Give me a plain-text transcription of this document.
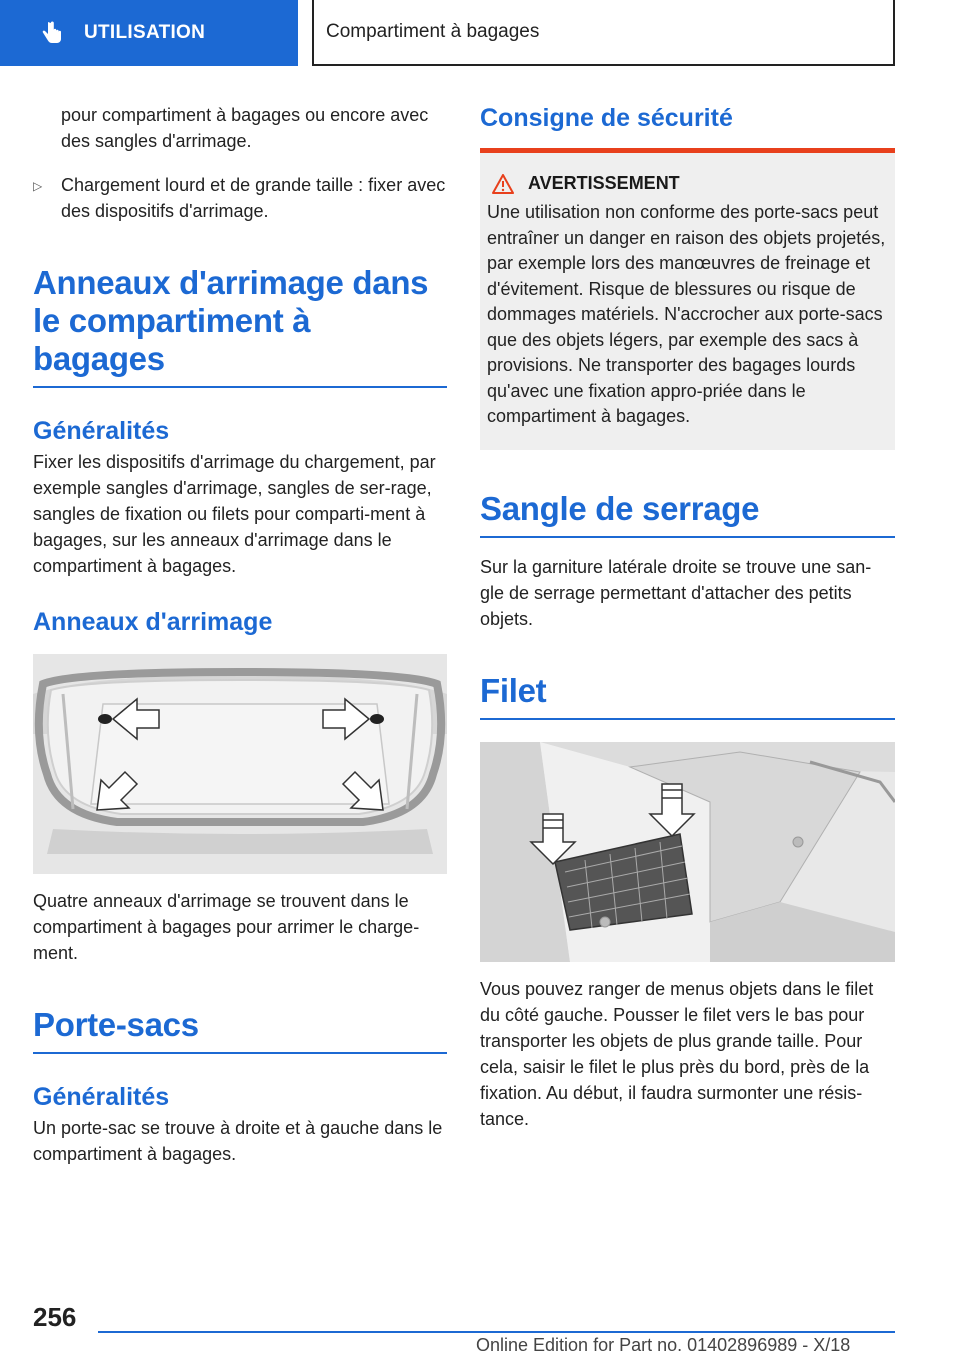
UTILISATION	Compartiment à bagages

pour compartiment à bagages ou encore avec des sangles d'arrimage.

▷	Chargement lourd et de grande taille : fixer avec des dispositifs d'arrimage.
Anneaux d'arrimage dans le compartiment à bagages
Généralités

Fixer les dispositifs d'arrimage du chargement, par exemple sangles d'arrimage, sangles de ser-rage, sangles de fixation ou filets pour comparti-ment à bagages, sur les anneaux d'arrimage dans le compartiment à bagages.

Anneaux d'arrimage

Quatre anneaux d'arrimage se trouvent dans le compartiment à bagages pour arrimer le charge-ment.

Porte-sacs
Généralités

Un porte-sac se trouve à droite et à gauche dans le compartiment à bagages.

Consigne de sécurité
AVERTISSEMENT

Une utilisation non conforme des porte-sacs peut entraîner un danger en raison des objets projetés, par exemple lors des manœuvres de freinage et d'évitement. Risque de blessures ou risque de dommages matériels. N'accrocher aux porte-sacs que des objets légers, par exemple des sacs à provisions. Ne transporter des bagages lourds qu'avec une fixation appro-priée dans le compartiment à bagages.

Sangle de serrage

Sur la garniture latérale droite se trouve une san-gle de serrage permettant d'attacher des petits objets.

Filet

Vous pouvez ranger de menus objets dans le filet du côté gauche. Pousser le filet vers le bas pour transporter les objets de plus grande taille. Pour cela, saisir le filet le plus près du bord, près de la fixation. Au début, il faudra surmonter une résis-tance.

256
Online Edition for Part no. 01402896989 - X/18
